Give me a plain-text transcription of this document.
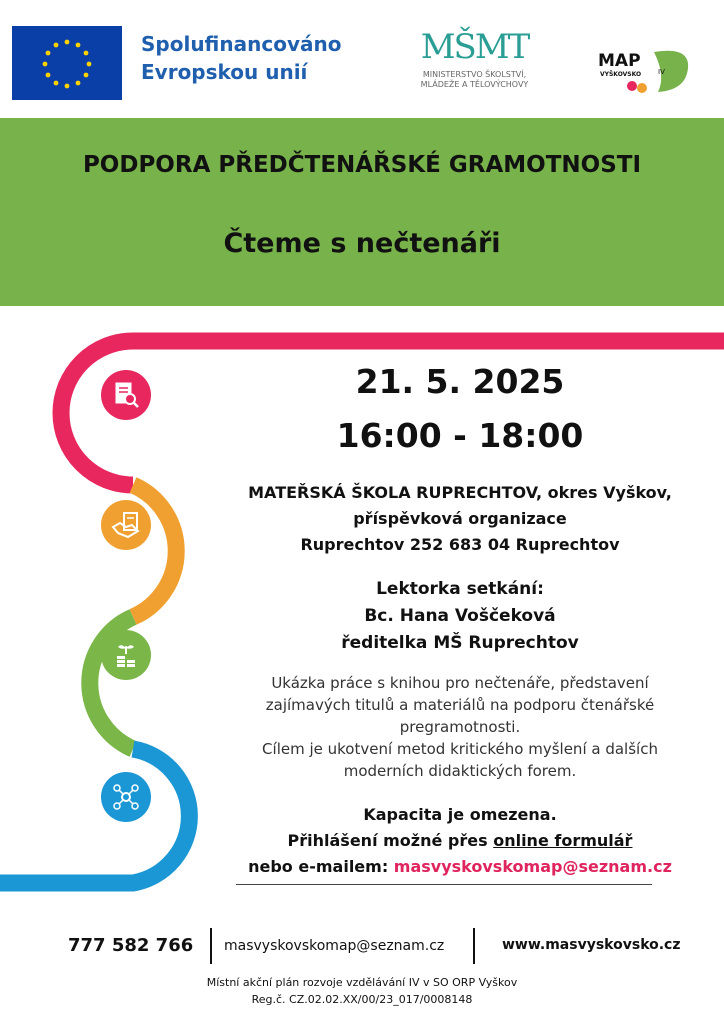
Spolufinancováno
Evropskou unií
MŠMT
MINISTERSTVO ŠKOLSTVÍ,
MLÁDEŽE A TĚLOVÝCHOVY
MAP
VYŠKOVSKO IV
PODPORA PŘEDČTENÁŘSKÉ GRAMOTNOSTI
Čteme s nečtenáři
21. 5. 2025
16:00 - 18:00
MATEŘSKÁ ŠKOLA RUPRECHTOV, okres Vyškov,
příspěvková organizace
Ruprechtov 252 683 04 Ruprechtov
Lektorka setkání:
Bc. Hana Voščeková
ředitelka MŠ Ruprechtov
Ukázka práce s knihou pro nečtenáře, představení
zajímavých titulů a materiálů na podporu čtenářské
pregramotnosti.
Cílem je ukotvení metod kritického myšlení a dalších
moderních didaktických forem.
Kapacita je omezena.
Přihlášení možné přes online formulář
nebo e-mailem: masvyskovskomap@seznam.cz
777 582 766 masvyskovskomap@seznam.cz	www.masvyskovsko.cz
Místní akční plán rozvoje vzdělávání IV v SO ORP Vyškov
Reg.č. CZ.02.02.XX/00/23_017/0008148
